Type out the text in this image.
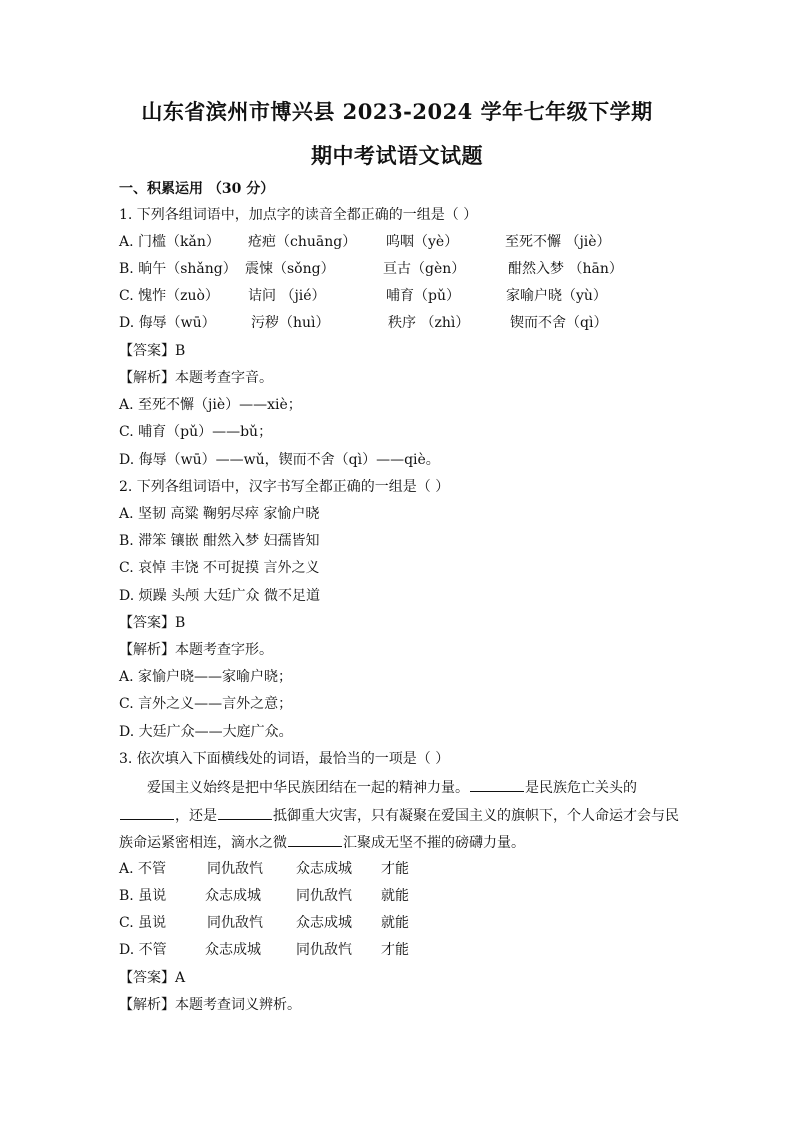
山东省滨州市博兴县 2023-2024 学年七年级下学期
期中考试语文试题
一、积累运用 （30 分）
1. 下列各组词语中，加点字的读音全都正确的一组是（ ）
A. 门槛（kǎn） 疮疤（chuāng） 呜咽（yè）	至死不懈 （jiè）
B. 晌午（shǎng） 震悚（sǒng）	亘古（gèn）	酣然入梦 （hān）
C. 愧怍（zuò） 诘问 （jié）	哺育（pǔ）	家喻户晓（yù）
D. 侮辱（wū）	污秽（huì）	秩序 （zhì）	锲而不舍（qì）
【答案】B
【解析】本题考查字音。
A. 至死不懈（jiè）——xiè；
C. 哺育（pǔ）——bǔ；
D. 侮辱（wū）——wǔ，锲而不舍（qì）——qiè。
2. 下列各组词语中，汉字书写全都正确的一组是（ ）
A. 坚韧 高粱 鞠躬尽瘁 家愉户晓
B. 滞笨 镶嵌 酣然入梦 妇孺皆知
C. 哀悼 丰饶 不可捉摸 言外之义
D. 烦躁 头颅 大廷广众 微不足道
【答案】B
【解析】本题考查字形。
A. 家愉户晓——家喻户晓；
C. 言外之义——言外之意；
D. 大廷广众——大庭广众。
3. 依次填入下面横线处的词语，最恰当的一项是（ ）
爱国主义始终是把中华民族团结在一起的精神力量。	是民族危亡关头的
，还是	抵御重大灾害，只有凝聚在爱国主义的旗帜下，个人命运才会与民
族命运紧密相连，滴水之微	汇聚成无坚不摧的磅礴力量。
A. 不管	同仇敌忾 众志成城 才能
B. 虽说	众志成城	同仇敌忾 就能
C. 虽说	同仇敌忾 众志成城 就能
D. 不管	众志成城	同仇敌忾 才能
【答案】A
【解析】本题考查词义辨析。
